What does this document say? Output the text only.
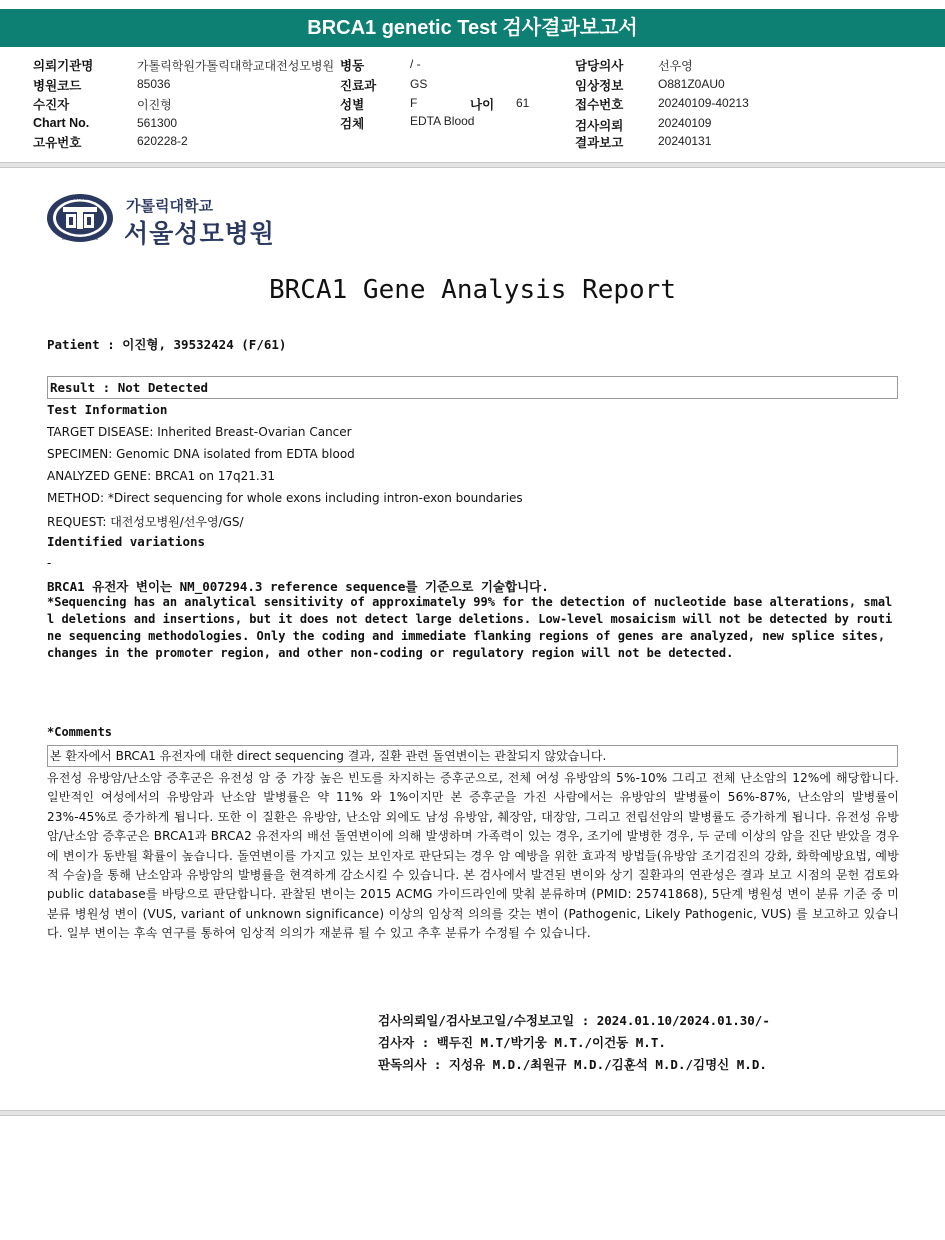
BRCA1 genetic Test 검사결과보고서
의뢰기관명	가톨릭학원가톨릭대학교대전성모병원 병동	/ -	담당의사	선우영
병원코드	85036	진료과	GS	임상정보	O881Z0AU0
수진자	이진형	성별	F	나이 61	접수번호	20240109-40213
Chart No.	561300	검체	EDTA Blood	검사의뢰	20240109
고유번호	620228-2	결과보고	20240131
CATHOLIC
UNIVERSITY OF KOREA
가톨릭대학교
서울성모병원
BRCA1 Gene Analysis Report
Patient : 이진형, 39532424 (F/61)
Result : Not Detected
Test Information
TARGET DISEASE: Inherited Breast-Ovarian Cancer
SPECIMEN: Genomic DNA isolated from EDTA blood
ANALYZED GENE: BRCA1 on 17q21.31
METHOD: *Direct sequencing for whole exons including intron-exon boundaries
REQUEST: 대전성모병원/선우영/GS/
Identified variations
-
BRCA1 유전자 변이는 NM_007294.3 reference sequence를 기준으로 기술합니다.
*Sequencing has an analytical sensitivity of approximately 99% for the detection of nucleotide base alterations, small deletions and insertions, but it does not detect large deletions. Low-level mosaicism will not be detected by routine sequencing methodologies. Only the coding and immediate flanking regions of genes are analyzed, new splice sites, changes in the promoter region, and other non-coding or regulatory region will not be detected.
*Comments
본 환자에서 BRCA1 유전자에 대한 direct sequencing 결과, 질환 관련 돌연변이는 관찰되지 않았습니다.
유전성 유방암/난소암 증후군은 유전성 암 중 가장 높은 빈도를 차지하는 증후군으로, 전체 여성 유방암의 5%-10% 그리고 전체 난소암의 12%에 해당합니다. 일반적인 여성에서의 유방암과 난소암 발병률은 약 11% 와 1%이지만 본 증후군을 가진 사람에서는 유방암의 발병률이 56%-87%, 난소암의 발병률이 23%-45%로 증가하게 됩니다. 또한 이 질환은 유방암, 난소암 외에도 남성 유방암, 췌장암, 대장암, 그리고 전립선암의 발병률도 증가하게 됩니다. 유전성 유방암/난소암 증후군은 BRCA1과 BRCA2 유전자의 배선 돌연변이에 의해 발생하며 가족력이 있는 경우, 조기에 발병한 경우, 두 군데 이상의 암을 진단 받았을 경우에 변이가 동반될 확률이 높습니다. 돌연변이를 가지고 있는 보인자로 판단되는 경우 암 예방을 위한 효과적 방법들(유방암 조기검진의 강화, 화학예방요법, 예방적 수술)을 통해 난소암과 유방암의 발병률을 현격하게 감소시킬 수 있습니다. 본 검사에서 발견된 변이와 상기 질환과의 연관성은 결과 보고 시점의 문헌 검토와 public database를 바탕으로 판단합니다. 관찰된 변이는 2015 ACMG 가이드라인에 맞춰 분류하며 (PMID: 25741868), 5단계 병원성 변이 분류 기준 중 미분류 병원성 변이 (VUS, variant of unknown significance) 이상의 임상적 의의를 갖는 변이 (Pathogenic, Likely Pathogenic, VUS) 를 보고하고 있습니다. 일부 변이는 후속 연구를 통하여 임상적 의의가 재분류 될 수 있고 추후 분류가 수정될 수 있습니다.
검사의뢰일/검사보고일/수정보고일 : 2024.01.10/2024.01.30/-
검사자 : 백두진 M.T/박기웅 M.T./이건동 M.T.
판독의사 : 지성유 M.D./최원규 M.D./김훈석 M.D./김명신 M.D.
